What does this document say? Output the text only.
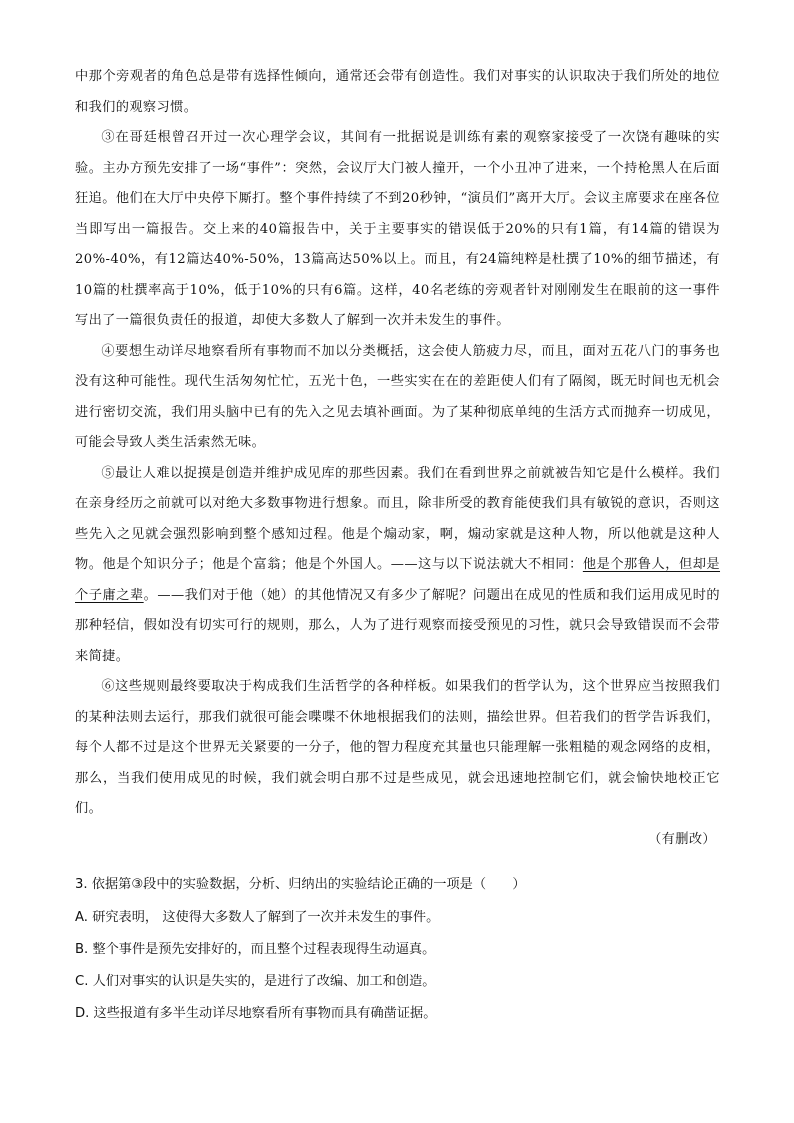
中那个旁观者的角色总是带有选择性倾向，通常还会带有创造性。我们对事实的认识取决于我们所处的地位和我们的观察习惯。

③在哥廷根曾召开过一次心理学会议，其间有一批据说是训练有素的观察家接受了一次饶有趣味的实验。主办方预先安排了一场“事件”：突然，会议厅大门被人撞开，一个小丑冲了进来，一个持枪黑人在后面狂追。他们在大厅中央停下厮打。整个事件持续了不到20秒钟，“演员们”离开大厅。会议主席要求在座各位当即写出一篇报告。交上来的40篇报告中，关于主要事实的错误低于20%的只有1篇，有14篇的错误为20%-40%，有12篇达40%-50%，13篇高达50%以上。而且，有24篇纯粹是杜撰了10%的细节描述，有10篇的杜撰率高于10%，低于10%的只有6篇。这样，40名老练的旁观者针对刚刚发生在眼前的这一事件写出了一篇很负责任的报道，却使大多数人了解到一次并未发生的事件。

④要想生动详尽地察看所有事物而不加以分类概括，这会使人筋疲力尽，而且，面对五花八门的事务也没有这种可能性。现代生活匆匆忙忙，五光十色，一些实实在在的差距使人们有了隔阂，既无时间也无机会进行密切交流，我们用头脑中已有的先入之见去填补画面。为了某种彻底单纯的生活方式而抛弃一切成见，可能会导致人类生活索然无味。

⑤最让人难以捉摸是创造并维护成见库的那些因素。我们在看到世界之前就被告知它是什么模样。我们在亲身经历之前就可以对绝大多数事物进行想象。而且，除非所受的教育能使我们具有敏锐的意识，否则这些先入之见就会强烈影响到整个感知过程。他是个煽动家，啊，煽动家就是这种人物，所以他就是这种人物。他是个知识分子；他是个富翁；他是个外国人。——这与以下说法就大不相同：他是个那鲁人，但却是个子庸之辈。——我们对于他（她）的其他情况又有多少了解呢？问题出在成见的性质和我们运用成见时的那种轻信，假如没有切实可行的规则，那么，人为了进行观察而接受预见的习性，就只会导致错误而不会带来简捷。

⑥这些规则最终要取决于构成我们生活哲学的各种样板。如果我们的哲学认为，这个世界应当按照我们的某种法则去运行，那我们就很可能会喋喋不休地根据我们的法则，描绘世界。但若我们的哲学告诉我们，每个人都不过是这个世界无关紧要的一分子，他的智力程度充其量也只能理解一张粗糙的观念网络的皮相，那么，当我们使用成见的时候，我们就会明白那不过是些成见，就会迅速地控制它们，就会愉快地校正它们。

（有删改）

3. 依据第③段中的实验数据，分析、归纳出的实验结论正确的一项是（　　）

A. 研究表明， 这使得大多数人了解到了一次并未发生的事件。
B. 整个事件是预先安排好的，而且整个过程表现得生动逼真。
C. 人们对事实的认识是失实的，是进行了改编、加工和创造。
D. 这些报道有多半生动详尽地察看所有事物而具有确凿证据。
